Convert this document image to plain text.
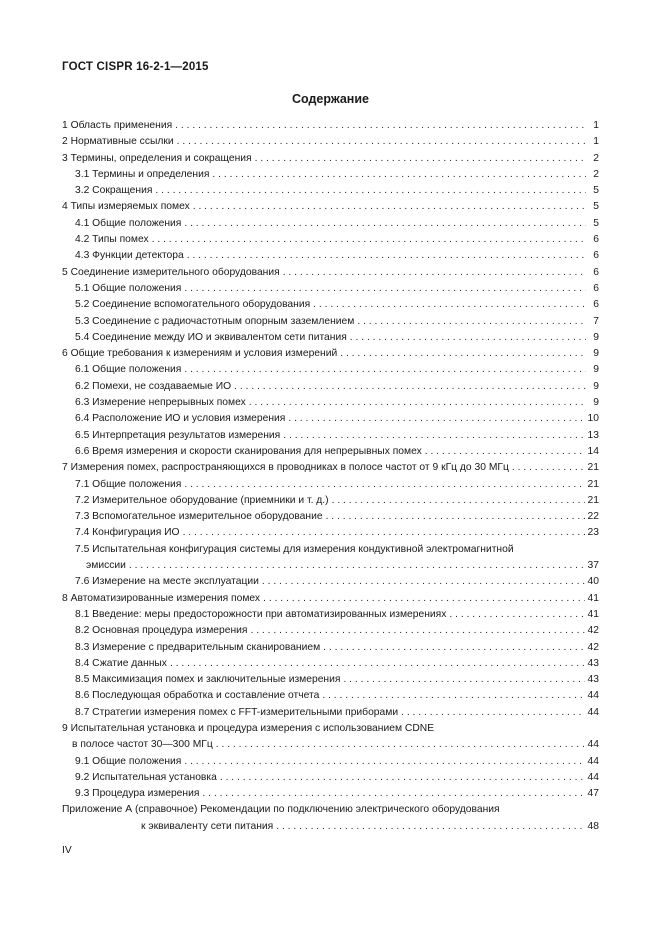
ГОСТ CISPR 16-2-1—2015
Содержание
1 Область применения . . .	1
2 Нормативные ссылки . . .	1
3 Термины, определения и сокращения . . .	2
3.1 Термины и определения . . .	2
3.2 Сокращения . . .	5
4 Типы измеряемых помех . . .	5
4.1 Общие положения . . .	5
4.2 Типы помех . . .	6
4.3 Функции детектора . . .	6
5 Соединение измерительного оборудования . . .	6
5.1 Общие положения . . .	6
5.2 Соединение вспомогательного оборудования . . .	6
5.3 Соединение с радиочастотным опорным заземлением . . .	7
5.4 Соединение между ИО и эквивалентом сети питания . . .	9
6 Общие требования к измерениям и условия измерений . . .	9
6.1 Общие положения . . .	9
6.2 Помехи, не создаваемые ИО . . .	9
6.3 Измерение непрерывных помех . . .	9
6.4 Расположение ИО и условия измерения . . .	10
6.5 Интерпретация результатов измерения . . .	13
6.6 Время измерения и скорости сканирования для непрерывных помех . . .	14
7 Измерения помех, распространяющихся в проводниках в полосе частот от 9 кГц до 30 МГц . . .	21
7.1 Общие положения . . .	21
7.2 Измерительное оборудование (приемники и т. д.) . . .	21
7.3 Вспомогательное измерительное оборудование . . .	22
7.4 Конфигурация ИО . . .	23
7.5 Испытательная конфигурация системы для измерения кондуктивной электромагнитной
эмиссии . . .	37
7.6 Измерение на месте эксплуатации . . .	40
8 Автоматизированные измерения помех . . .	41
8.1 Введение: меры предосторожности при автоматизированных измерениях . . .	41
8.2 Основная процедура измерения . . .	42
8.3 Измерение с предварительным сканированием . . .	42
8.4 Сжатие данных . . .	43
8.5 Максимизация помех и заключительные измерения . . .	43
8.6 Последующая обработка и составление отчета . . .	44
8.7 Стратегии измерения помех с FFT-измерительными приборами . . .	44
9 Испытательная установка и процедура измерения с использованием CDNE
в полосе частот 30—300 МГц . . .	44
9.1 Общие положения . . .	44
9.2 Испытательная установка . . .	44
9.3 Процедура измерения . . .	47
Приложение А (справочное) Рекомендации по подключению электрического оборудования
к эквиваленту сети питания . . .	48
IV
